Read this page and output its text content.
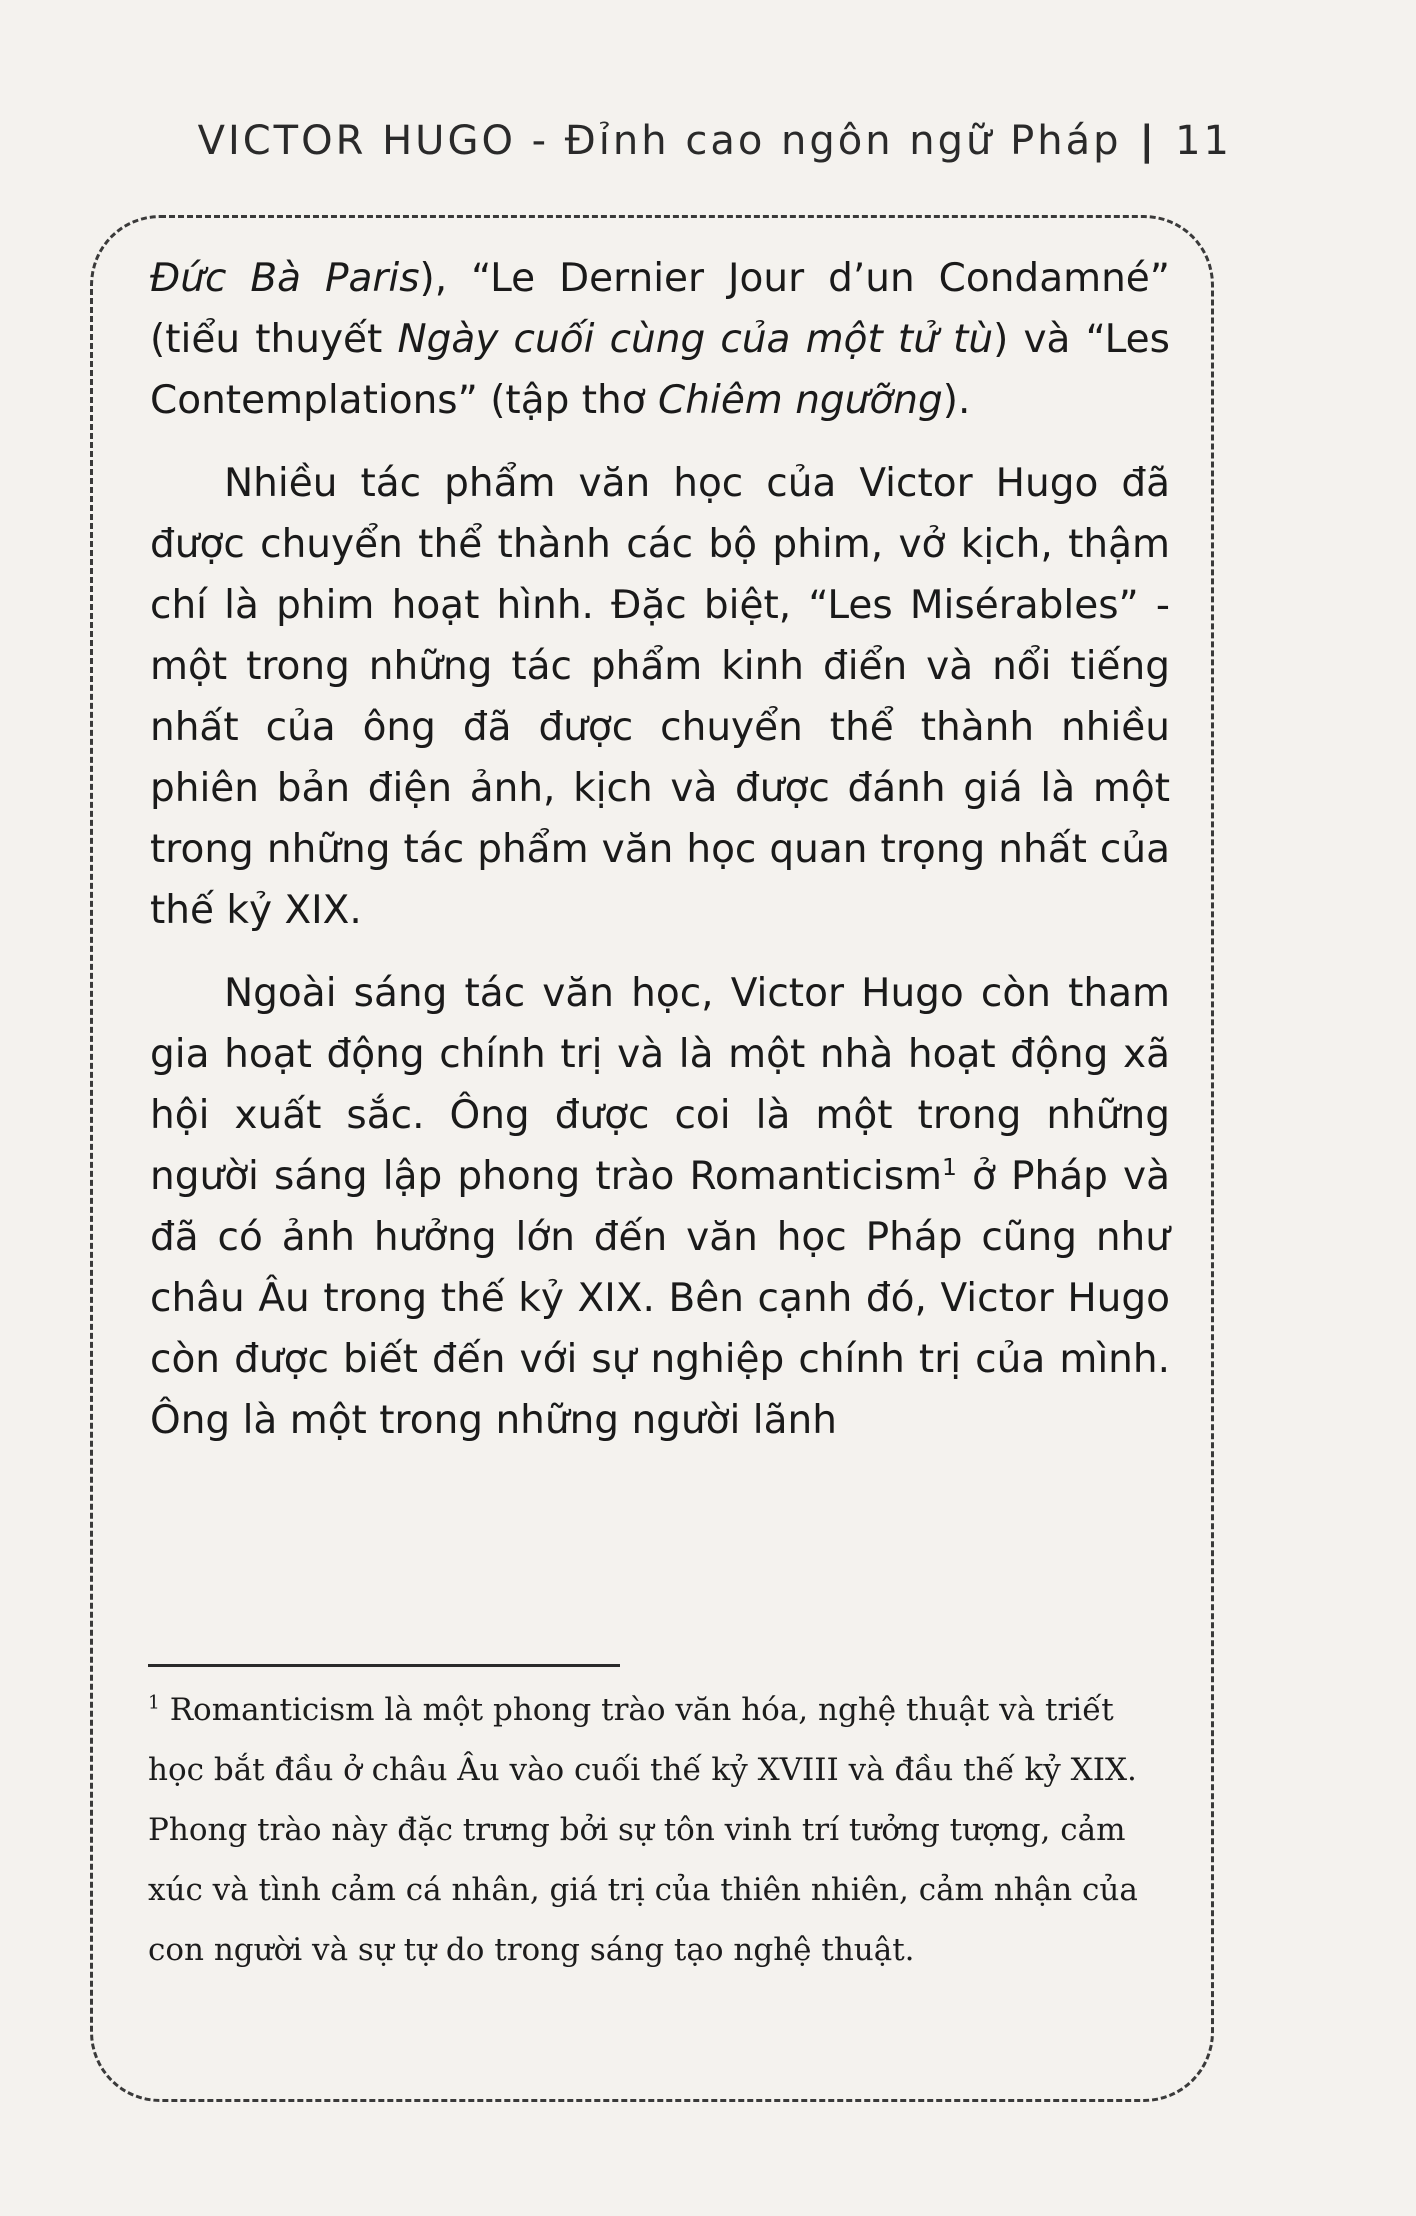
VICTOR HUGO - Đỉnh cao ngôn ngữ Pháp | 11

Đức Bà Paris), “Le Dernier Jour d’un Condamné” (tiểu thuyết Ngày cuối cùng của một tử tù) và “Les Contemplations” (tập thơ Chiêm ngưỡng).

Nhiều tác phẩm văn học của Victor Hugo đã được chuyển thể thành các bộ phim, vở kịch, thậm chí là phim hoạt hình. Đặc biệt, “Les Misérables” - một trong những tác phẩm kinh điển và nổi tiếng nhất của ông đã được chuyển thể thành nhiều phiên bản điện ảnh, kịch và được đánh giá là một trong những tác phẩm văn học quan trọng nhất của thế kỷ XIX.

Ngoài sáng tác văn học, Victor Hugo còn tham gia hoạt động chính trị và là một nhà hoạt động xã hội xuất sắc. Ông được coi là một trong những người sáng lập phong trào Romanticism$^1$ ở Pháp và đã có ảnh hưởng lớn đến văn học Pháp cũng như châu Âu trong thế kỷ XIX. Bên cạnh đó, Victor Hugo còn được biết đến với sự nghiệp chính trị của mình. Ông là một trong những người lãnh

$^1$ Romanticism là một phong trào văn hóa, nghệ thuật và triết học bắt đầu ở châu Âu vào cuối thế kỷ XVIII và đầu thế kỷ XIX. Phong trào này đặc trưng bởi sự tôn vinh trí tưởng tượng, cảm xúc và tình cảm cá nhân, giá trị của thiên nhiên, cảm nhận của con người và sự tự do trong sáng tạo nghệ thuật.
